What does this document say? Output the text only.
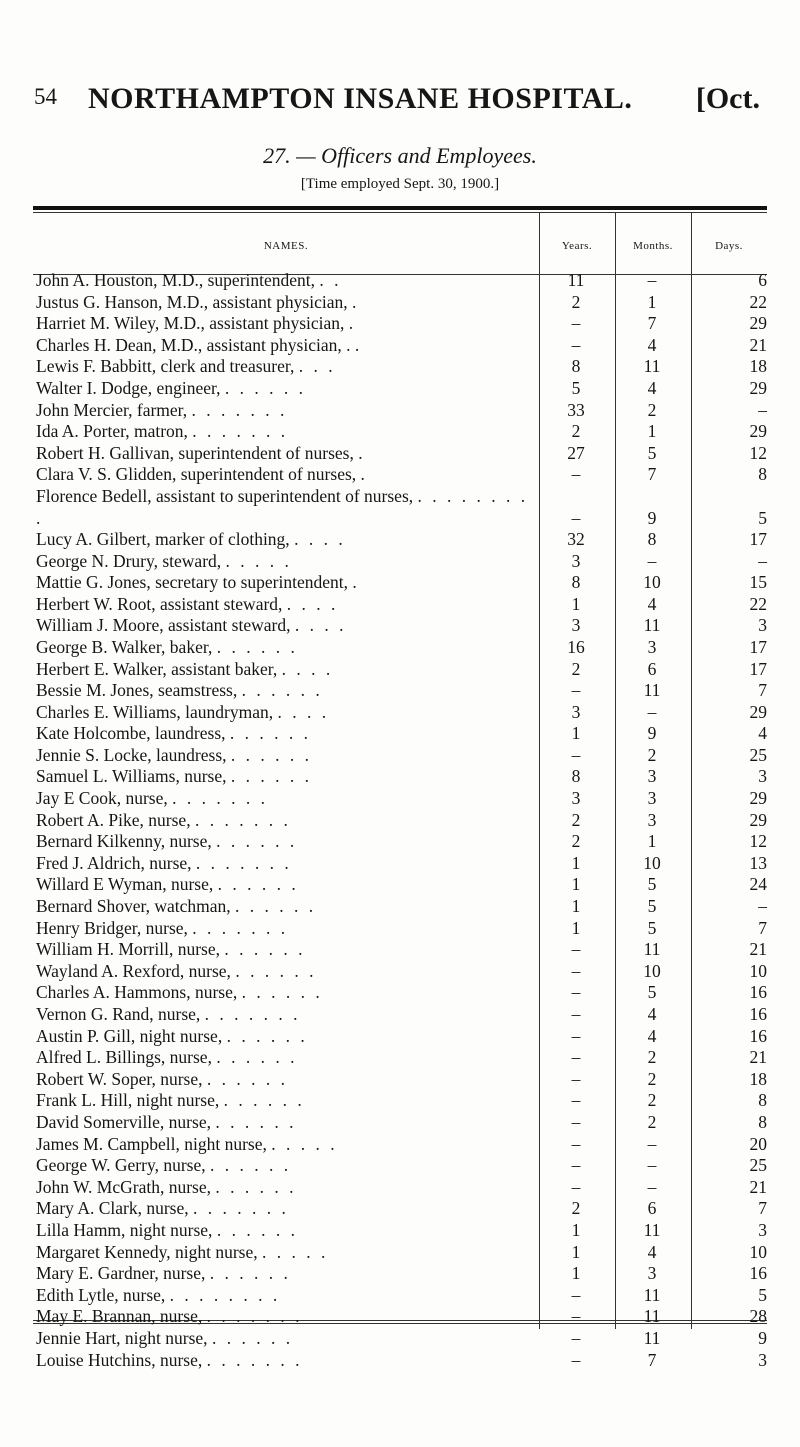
54 NORTHAMPTON INSANE HOSPITAL. [Oct.
27. — Officers and Employees.
[Time employed Sept. 30, 1900.]
NAMES.	Years.	Months.	Days.
John A. Houston, M.D., superintendent, . .	11	–	6
Justus G. Hanson, M.D., assistant physician, .	2	1	22
Harriet M. Wiley, M.D., assistant physician, .	–	7	29
Charles H. Dean, M.D., assistant physician, . .	–	4	21
Lewis F. Babbitt, clerk and treasurer, . . .	8	11	18
Walter I. Dodge, engineer, . . . . . .	5	4	29
John Mercier, farmer, . . . . . . .	33	2	–
Ida A. Porter, matron, . . . . . . .	2	1	29
Robert H. Gallivan, superintendent of nurses, .	27	5	12
Clara V. S. Glidden, superintendent of nurses, .	–	7	8
Florence Bedell, assistant to superintendent of nurses, . . . . . . . . .	–	9	5
Lucy A. Gilbert, marker of clothing, . . . .	32	8	17
George N. Drury, steward, . . . . .	3	–	–
Mattie G. Jones, secretary to superintendent, .	8	10	15
Herbert W. Root, assistant steward, . . . .	1	4	22
William J. Moore, assistant steward, . . . .	3	11	3
George B. Walker, baker, . . . . . .	16	3	17
Herbert E. Walker, assistant baker, . . . .	2	6	17
Bessie M. Jones, seamstress, . . . . . .	–	11	7
Charles E. Williams, laundryman, . . . .	3	–	29
Kate Holcombe, laundress, . . . . . .	1	9	4
Jennie S. Locke, laundress, . . . . . .	–	2	25
Samuel L. Williams, nurse, . . . . . .	8	3	3
Jay E Cook, nurse, . . . . . . .	3	3	29
Robert A. Pike, nurse, . . . . . . .	2	3	29
Bernard Kilkenny, nurse, . . . . . .	2	1	12
Fred J. Aldrich, nurse, . . . . . . .	1	10	13
Willard E Wyman, nurse, . . . . . .	1	5	24
Bernard Shover, watchman, . . . . . .	1	5	–
Henry Bridger, nurse, . . . . . . .	1	5	7
William H. Morrill, nurse, . . . . . .	–	11	21
Wayland A. Rexford, nurse, . . . . . .	–	10	10
Charles A. Hammons, nurse, . . . . . .	–	5	16
Vernon G. Rand, nurse, . . . . . . .	–	4	16
Austin P. Gill, night nurse, . . . . . .	–	4	16
Alfred L. Billings, nurse, . . . . . .	–	2	21
Robert W. Soper, nurse, . . . . . .	–	2	18
Frank L. Hill, night nurse, . . . . . .	–	2	8
David Somerville, nurse, . . . . . .	–	2	8
James M. Campbell, night nurse, . . . . .	–	–	20
George W. Gerry, nurse, . . . . . .	–	–	25
John W. McGrath, nurse, . . . . . .	–	–	21
Mary A. Clark, nurse, . . . . . . .	2	6	7
Lilla Hamm, night nurse, . . . . . .	1	11	3
Margaret Kennedy, night nurse, . . . . .	1	4	10
Mary E. Gardner, nurse, . . . . . .	1	3	16
Edith Lytle, nurse, . . . . . . . .	–	11	5
May E. Brannan, nurse, . . . . . . .	–	11	28
Jennie Hart, night nurse, . . . . . .	–	11	9
Louise Hutchins, nurse, . . . . . . .	–	7	3
